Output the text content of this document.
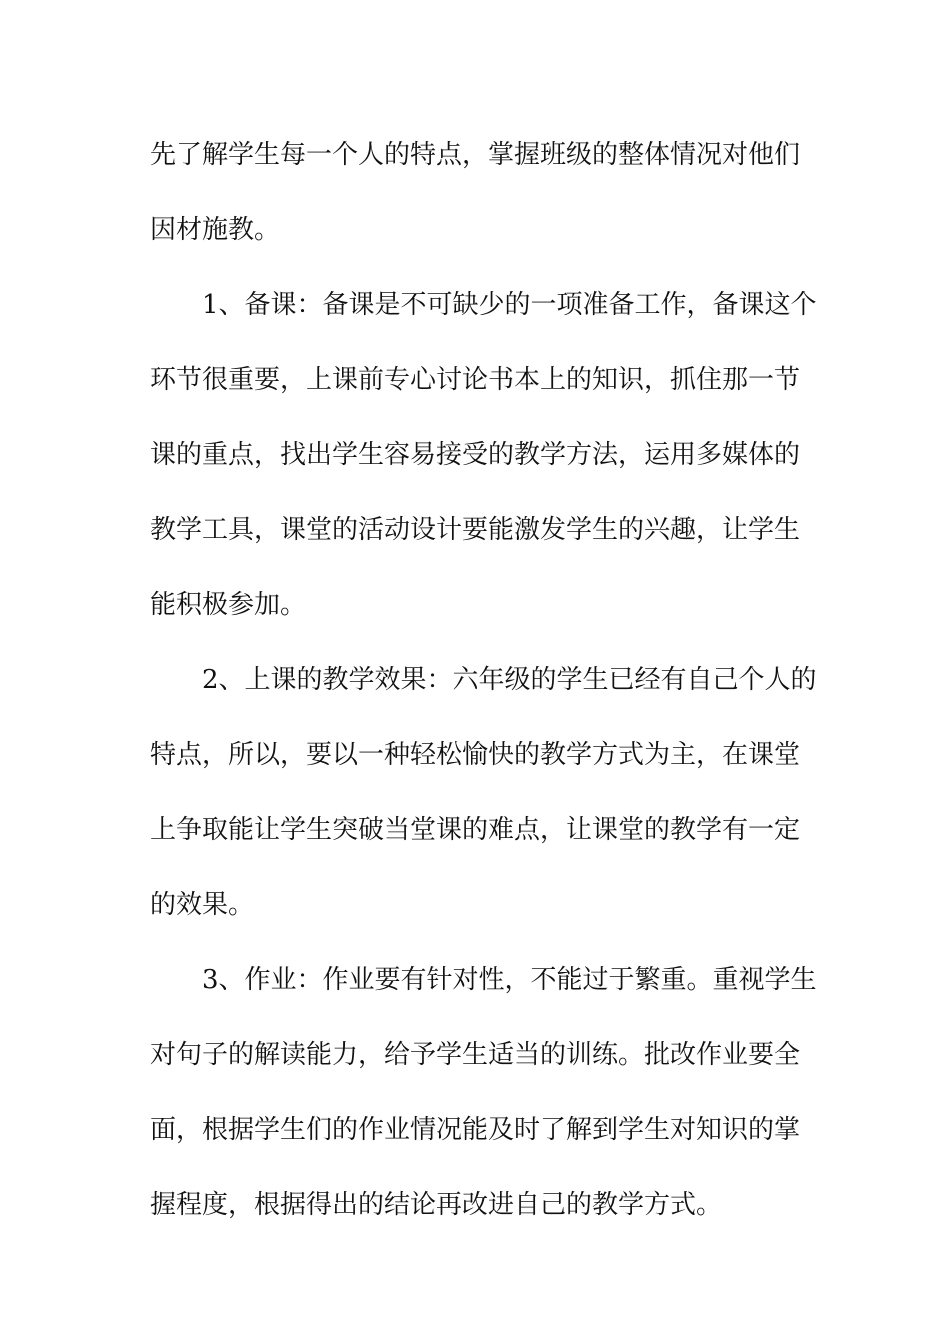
先了解学生每一个人的特点，掌握班级的整体情况对他们
因材施教。
1、备课：备课是不可缺少的一项准备工作，备课这个
环节很重要，上课前专心讨论书本上的知识，抓住那一节
课的重点，找出学生容易接受的教学方法，运用多媒体的
教学工具，课堂的活动设计要能激发学生的兴趣，让学生
能积极参加。
2、上课的教学效果：六年级的学生已经有自己个人的
特点，所以，要以一种轻松愉快的教学方式为主，在课堂
上争取能让学生突破当堂课的难点，让课堂的教学有一定
的效果。
3、作业：作业要有针对性，不能过于繁重。重视学生
对句子的解读能力，给予学生适当的训练。批改作业要全
面，根据学生们的作业情况能及时了解到学生对知识的掌
握程度，根据得出的结论再改进自己的教学方式。
